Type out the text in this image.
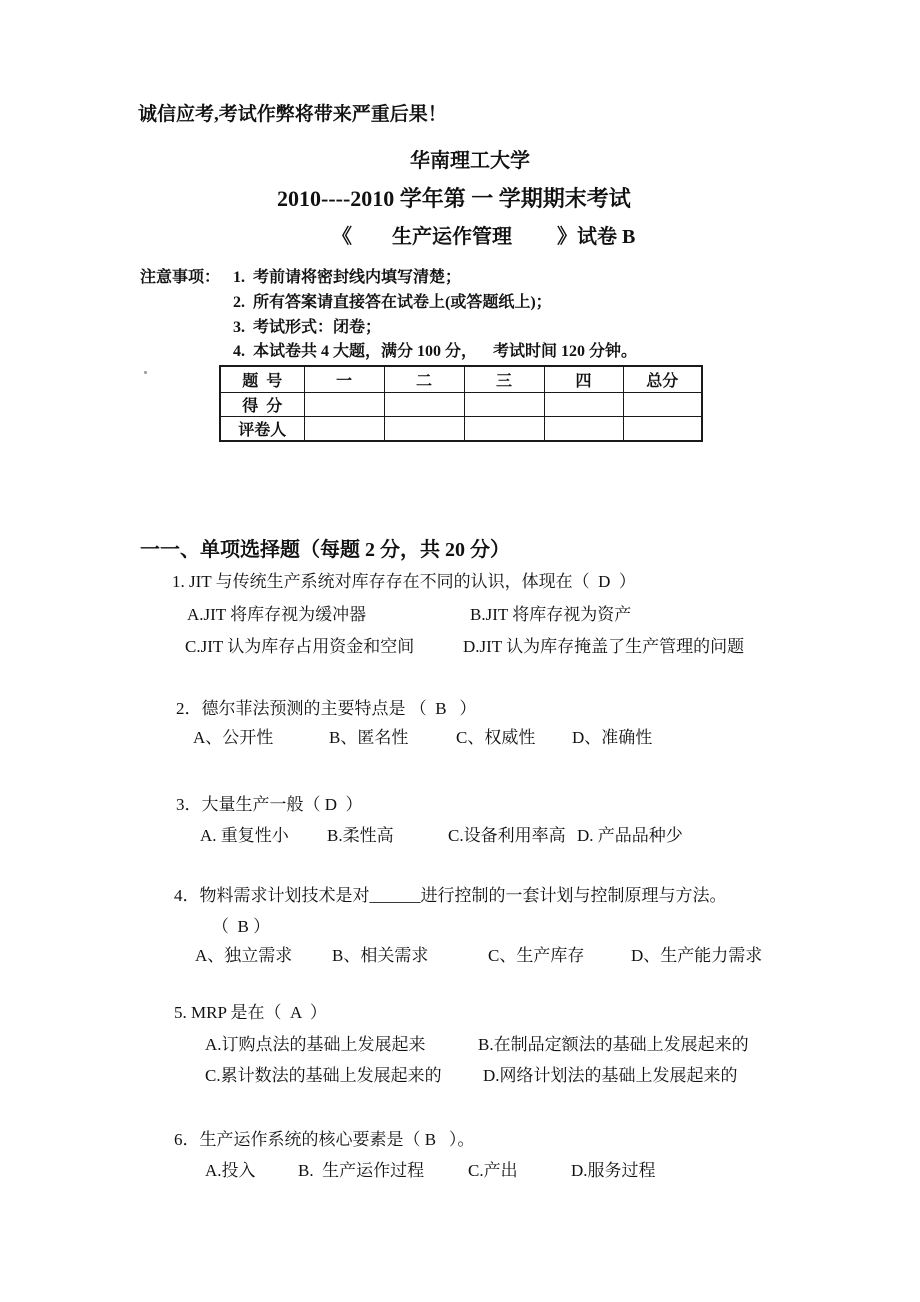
诚信应考,考试作弊将带来严重后果！
华南理工大学
2010----2010 学年第 一 学期期末考试
《　　生产运作管理　 　》试卷 B
注意事项： 1.  考前请将密封线内填写清楚；
2.  所有答案请直接答在试卷上(或答题纸上)；
3.  考试形式：闭卷；
4.  本试卷共 4 大题，满分 100 分，    考试时间 120 分钟。
题  号	一	二	三	四	总分
得  分					
评卷人					
一一、单项选择题（每题 2 分，共 20 分）
1. JIT 与传统生产系统对库存存在不同的认识，体现在（  D  ）
A.JIT 将库存视为缓冲器	B.JIT 将库存视为资产
C.JIT 认为库存占用资金和空间	D.JIT 认为库存掩盖了生产管理的问题
2．德尔菲法预测的主要特点是 （  B   ）
A、公开性	B、匿名性	C、权威性 D、准确性
3．大量生产一般（ D  ）
A. 重复性小 B.柔性高	C.设备利用率高 D. 产品品种少
4．物料需求计划技术是对______进行控制的一套计划与控制原理与方法。
（  B ）
A、独立需求 B、相关需求	C、生产库存	D、生产能力需求
5. MRP 是在（  A  ）
A.订购点法的基础上发展起来	B.在制品定额法的基础上发展起来的
C.累计数法的基础上发展起来的 D.网络计划法的基础上发展起来的
6．生产运作系统的核心要素是（ B   ）。
A.投入 B.  生产运作过程	C.产出	D.服务过程
